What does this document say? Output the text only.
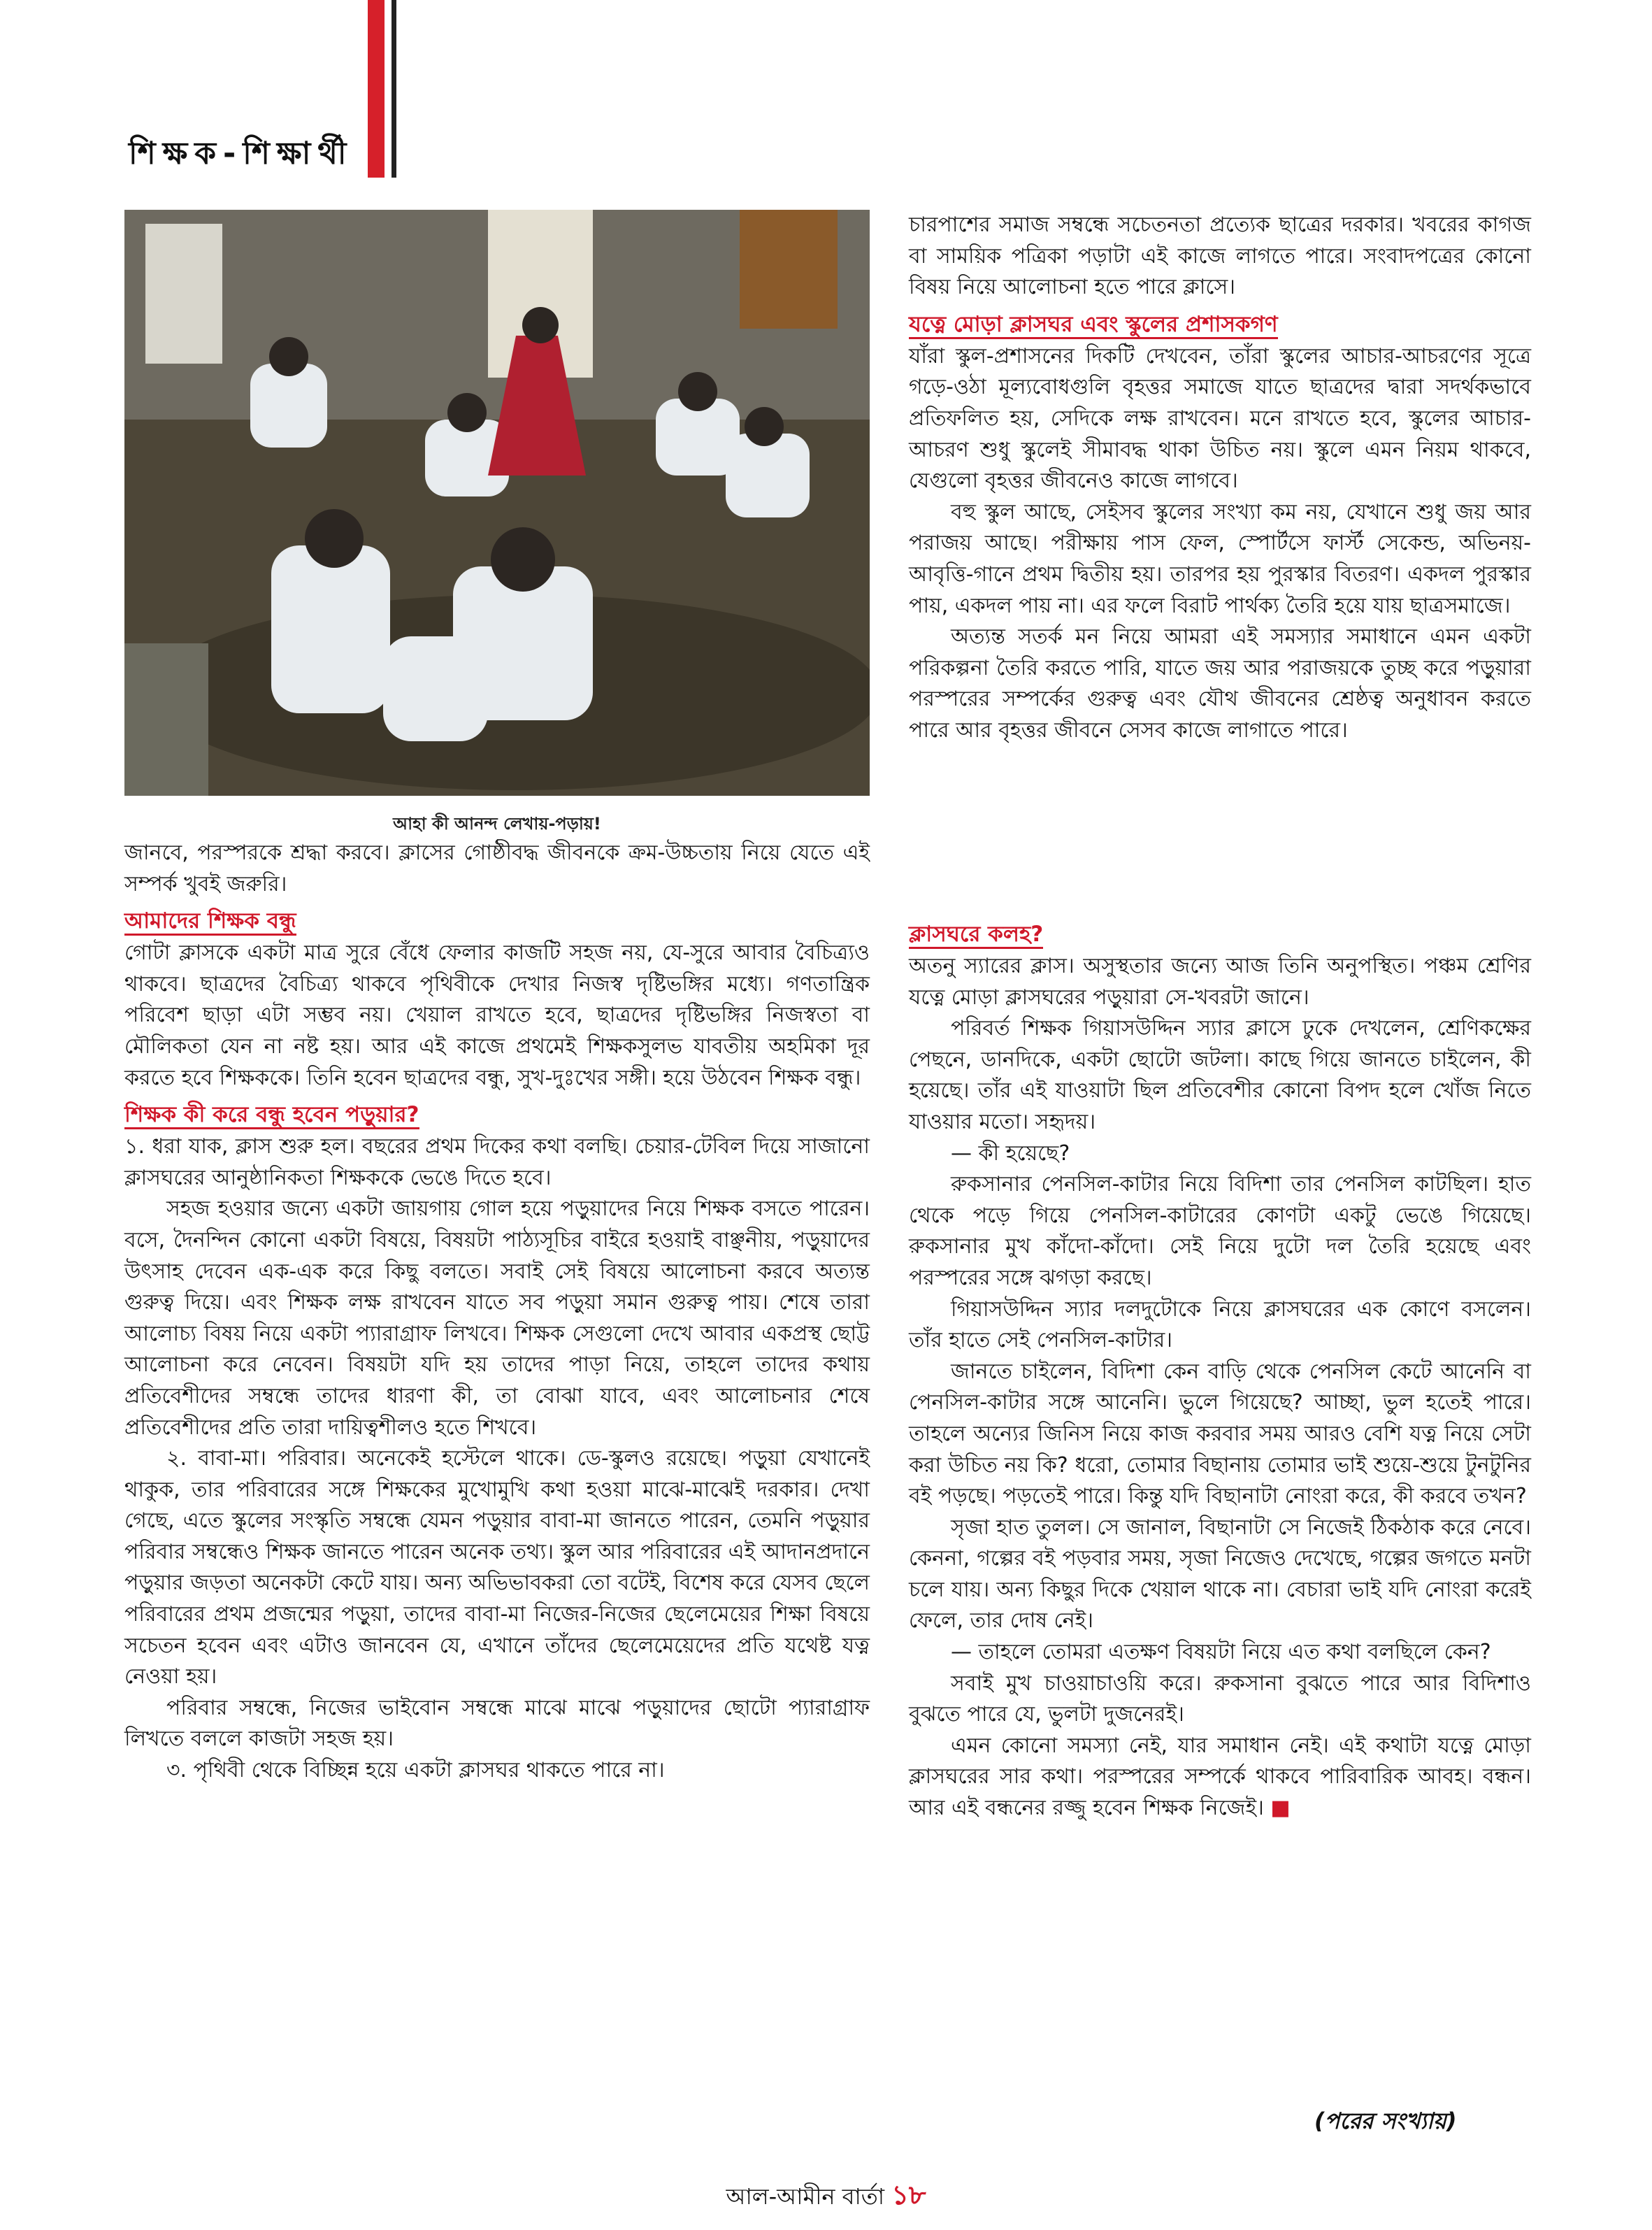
শিক্ষক-শিক্ষার্থী
আহা কী আনন্দ লেখায়-পড়ায়!

জানবে, পরস্পরকে শ্রদ্ধা করবে। ক্লাসের গোষ্ঠীবদ্ধ জীবনকে ক্রম-উচ্চতায় নিয়ে যেতে এই সম্পর্ক খুবই জরুরি।

আমাদের শিক্ষক বন্ধু

গোটা ক্লাসকে একটা মাত্র সুরে বেঁধে ফেলার কাজটি সহজ নয়, যে-সুরে আবার বৈচিত্র্যও থাকবে। ছাত্রদের বৈচিত্র্য থাকবে পৃথিবীকে দেখার নিজস্ব দৃষ্টিভঙ্গির মধ্যে। গণতান্ত্রিক পরিবেশ ছাড়া এটা সম্ভব নয়। খেয়াল রাখতে হবে, ছাত্রদের দৃষ্টিভঙ্গির নিজস্বতা বা মৌলিকতা যেন না নষ্ট হয়। আর এই কাজে প্রথমেই শিক্ষকসুলভ যাবতীয় অহমিকা দূর করতে হবে শিক্ষককে। তিনি হবেন ছাত্রদের বন্ধু, সুখ-দুঃখের সঙ্গী। হয়ে উঠবেন শিক্ষক বন্ধু।

শিক্ষক কী করে বন্ধু হবেন পড়ুয়ার?

১. ধরা যাক, ক্লাস শুরু হল। বছরের প্রথম দিকের কথা বলছি। চেয়ার-টেবিল দিয়ে সাজানো ক্লাসঘরের আনুষ্ঠানিকতা শিক্ষককে ভেঙে দিতে হবে।

সহজ হওয়ার জন্যে একটা জায়গায় গোল হয়ে পড়ুয়াদের নিয়ে শিক্ষক বসতে পারেন। বসে, দৈনন্দিন কোনো একটা বিষয়ে, বিষয়টা পাঠ্যসূচির বাইরে হওয়াই বাঞ্ছনীয়, পড়ুয়াদের উৎসাহ দেবেন এক-এক করে কিছু বলতে। সবাই সেই বিষয়ে আলোচনা করবে অত্যন্ত গুরুত্ব দিয়ে। এবং শিক্ষক লক্ষ রাখবেন যাতে সব পড়ুয়া সমান গুরুত্ব পায়। শেষে তারা আলোচ্য বিষয় নিয়ে একটা প্যারাগ্রাফ লিখবে। শিক্ষক সেগুলো দেখে আবার একপ্রস্থ ছোট্ট আলোচনা করে নেবেন। বিষয়টা যদি হয় তাদের পাড়া নিয়ে, তাহলে তাদের কথায় প্রতিবেশীদের সম্বন্ধে তাদের ধারণা কী, তা বোঝা যাবে, এবং আলোচনার শেষে প্রতিবেশীদের প্রতি তারা দায়িত্বশীলও হতে শিখবে।

২. বাবা-মা। পরিবার। অনেকেই হস্টেলে থাকে। ডে-স্কুলও রয়েছে। পড়ুয়া যেখানেই থাকুক, তার পরিবারের সঙ্গে শিক্ষকের মুখোমুখি কথা হওয়া মাঝে-মাঝেই দরকার। দেখা গেছে, এতে স্কুলের সংস্কৃতি সম্বন্ধে যেমন পড়ুয়ার বাবা-মা জানতে পারেন, তেমনি পড়ুয়ার পরিবার সম্বন্ধেও শিক্ষক জানতে পারেন অনেক তথ্য। স্কুল আর পরিবারের এই আদানপ্রদানে পড়ুয়ার জড়তা অনেকটা কেটে যায়। অন্য অভিভাবকরা তো বটেই, বিশেষ করে যেসব ছেলে পরিবারের প্রথম প্রজন্মের পড়ুয়া, তাদের বাবা-মা নিজের-নিজের ছেলেমেয়ের শিক্ষা বিষয়ে সচেতন হবেন এবং এটাও জানবেন যে, এখানে তাঁদের ছেলেমেয়েদের প্রতি যথেষ্ট যত্ন নেওয়া হয়।

পরিবার সম্বন্ধে, নিজের ভাইবোন সম্বন্ধে মাঝে মাঝে পড়ুয়াদের ছোটো প্যারাগ্রাফ লিখতে বললে কাজটা সহজ হয়।

৩. পৃথিবী থেকে বিচ্ছিন্ন হয়ে একটা ক্লাসঘর থাকতে পারে না।

চারপাশের সমাজ সম্বন্ধে সচেতনতা প্রত্যেক ছাত্রের দরকার। খবরের কাগজ বা সাময়িক পত্রিকা পড়াটা এই কাজে লাগতে পারে। সংবাদপত্রের কোনো বিষয় নিয়ে আলোচনা হতে পারে ক্লাসে।

যত্নে মোড়া ক্লাসঘর এবং স্কুলের প্রশাসকগণ

যাঁরা স্কুল-প্রশাসনের দিকটি দেখবেন, তাঁরা স্কুলের আচার-আচরণের সূত্রে গড়ে-ওঠা মূল্যবোধগুলি বৃহত্তর সমাজে যাতে ছাত্রদের দ্বারা সদর্থকভাবে প্রতিফলিত হয়, সেদিকে লক্ষ রাখবেন। মনে রাখতে হবে, স্কুলের আচার-আচরণ শুধু স্কুলেই সীমাবদ্ধ থাকা উচিত নয়। স্কুলে এমন নিয়ম থাকবে, যেগুলো বৃহত্তর জীবনেও কাজে লাগবে।

বহু স্কুল আছে, সেইসব স্কুলের সংখ্যা কম নয়, যেখানে শুধু জয় আর পরাজয় আছে। পরীক্ষায় পাস ফেল, স্পোর্টসে ফার্স্ট সেকেন্ড, অভিনয়-আবৃত্তি-গানে প্রথম দ্বিতীয় হয়। তারপর হয় পুরস্কার বিতরণ। একদল পুরস্কার পায়, একদল পায় না। এর ফলে বিরাট পার্থক্য তৈরি হয়ে যায় ছাত্রসমাজে।

অত্যন্ত সতর্ক মন নিয়ে আমরা এই সমস্যার সমাধানে এমন একটা পরিকল্পনা তৈরি করতে পারি, যাতে জয় আর পরাজয়কে তুচ্ছ করে পড়ুয়ারা পরস্পরের সম্পর্কের গুরুত্ব এবং যৌথ জীবনের শ্রেষ্ঠত্ব অনুধাবন করতে পারে আর বৃহত্তর জীবনে সেসব কাজে লাগাতে পারে।

ক্লাসঘরে কলহ?

অতনু স্যারের ক্লাস। অসুস্থতার জন্যে আজ তিনি অনুপস্থিত। পঞ্চম শ্রেণির যত্নে মোড়া ক্লাসঘরের পড়ুয়ারা সে-খবরটা জানে।

পরিবর্ত শিক্ষক গিয়াসউদ্দিন স্যার ক্লাসে ঢুকে দেখলেন, শ্রেণিকক্ষের পেছনে, ডানদিকে, একটা ছোটো জটলা। কাছে গিয়ে জানতে চাইলেন, কী হয়েছে। তাঁর এই যাওয়াটা ছিল প্রতিবেশীর কোনো বিপদ হলে খোঁজ নিতে যাওয়ার মতো। সহৃদয়।

— কী হয়েছে?

রুকসানার পেনসিল-কাটার নিয়ে বিদিশা তার পেনসিল কাটছিল। হাত থেকে পড়ে গিয়ে পেনসিল-কাটারের কোণটা একটু ভেঙে গিয়েছে। রুকসানার মুখ কাঁদো-কাঁদো। সেই নিয়ে দুটো দল তৈরি হয়েছে এবং পরস্পরের সঙ্গে ঝগড়া করছে।

গিয়াসউদ্দিন স্যার দলদুটোকে নিয়ে ক্লাসঘরের এক কোণে বসলেন। তাঁর হাতে সেই পেনসিল-কাটার।

জানতে চাইলেন, বিদিশা কেন বাড়ি থেকে পেনসিল কেটে আনেনি বা পেনসিল-কাটার সঙ্গে আনেনি। ভুলে গিয়েছে? আচ্ছা, ভুল হতেই পারে। তাহলে অন্যের জিনিস নিয়ে কাজ করবার সময় আরও বেশি যত্ন নিয়ে সেটা করা উচিত নয় কি? ধরো, তোমার বিছানায় তোমার ভাই শুয়ে-শুয়ে টুনটুনির বই পড়ছে। পড়তেই পারে। কিন্তু যদি বিছানাটা নোংরা করে, কী করবে তখন?

সৃজা হাত তুলল। সে জানাল, বিছানাটা সে নিজেই ঠিকঠাক করে নেবে। কেননা, গল্পের বই পড়বার সময়, সৃজা নিজেও দেখেছে, গল্পের জগতে মনটা চলে যায়। অন্য কিছুর দিকে খেয়াল থাকে না। বেচারা ভাই যদি নোংরা করেই ফেলে, তার দোষ নেই।

— তাহলে তোমরা এতক্ষণ বিষয়টা নিয়ে এত কথা বলছিলে কেন?

সবাই মুখ চাওয়াচাওয়ি করে। রুকসানা বুঝতে পারে আর বিদিশাও বুঝতে পারে যে, ভুলটা দুজনেরই।

এমন কোনো সমস্যা নেই, যার সমাধান নেই। এই কথাটা যত্নে মোড়া ক্লাসঘরের সার কথা। পরস্পরের সম্পর্কে থাকবে পারিবারিক আবহ। বন্ধন। আর এই বন্ধনের রজ্জু হবেন শিক্ষক নিজেই। ■

(পরের সংখ্যায়)
আল-আমীন বার্তা ১৮
